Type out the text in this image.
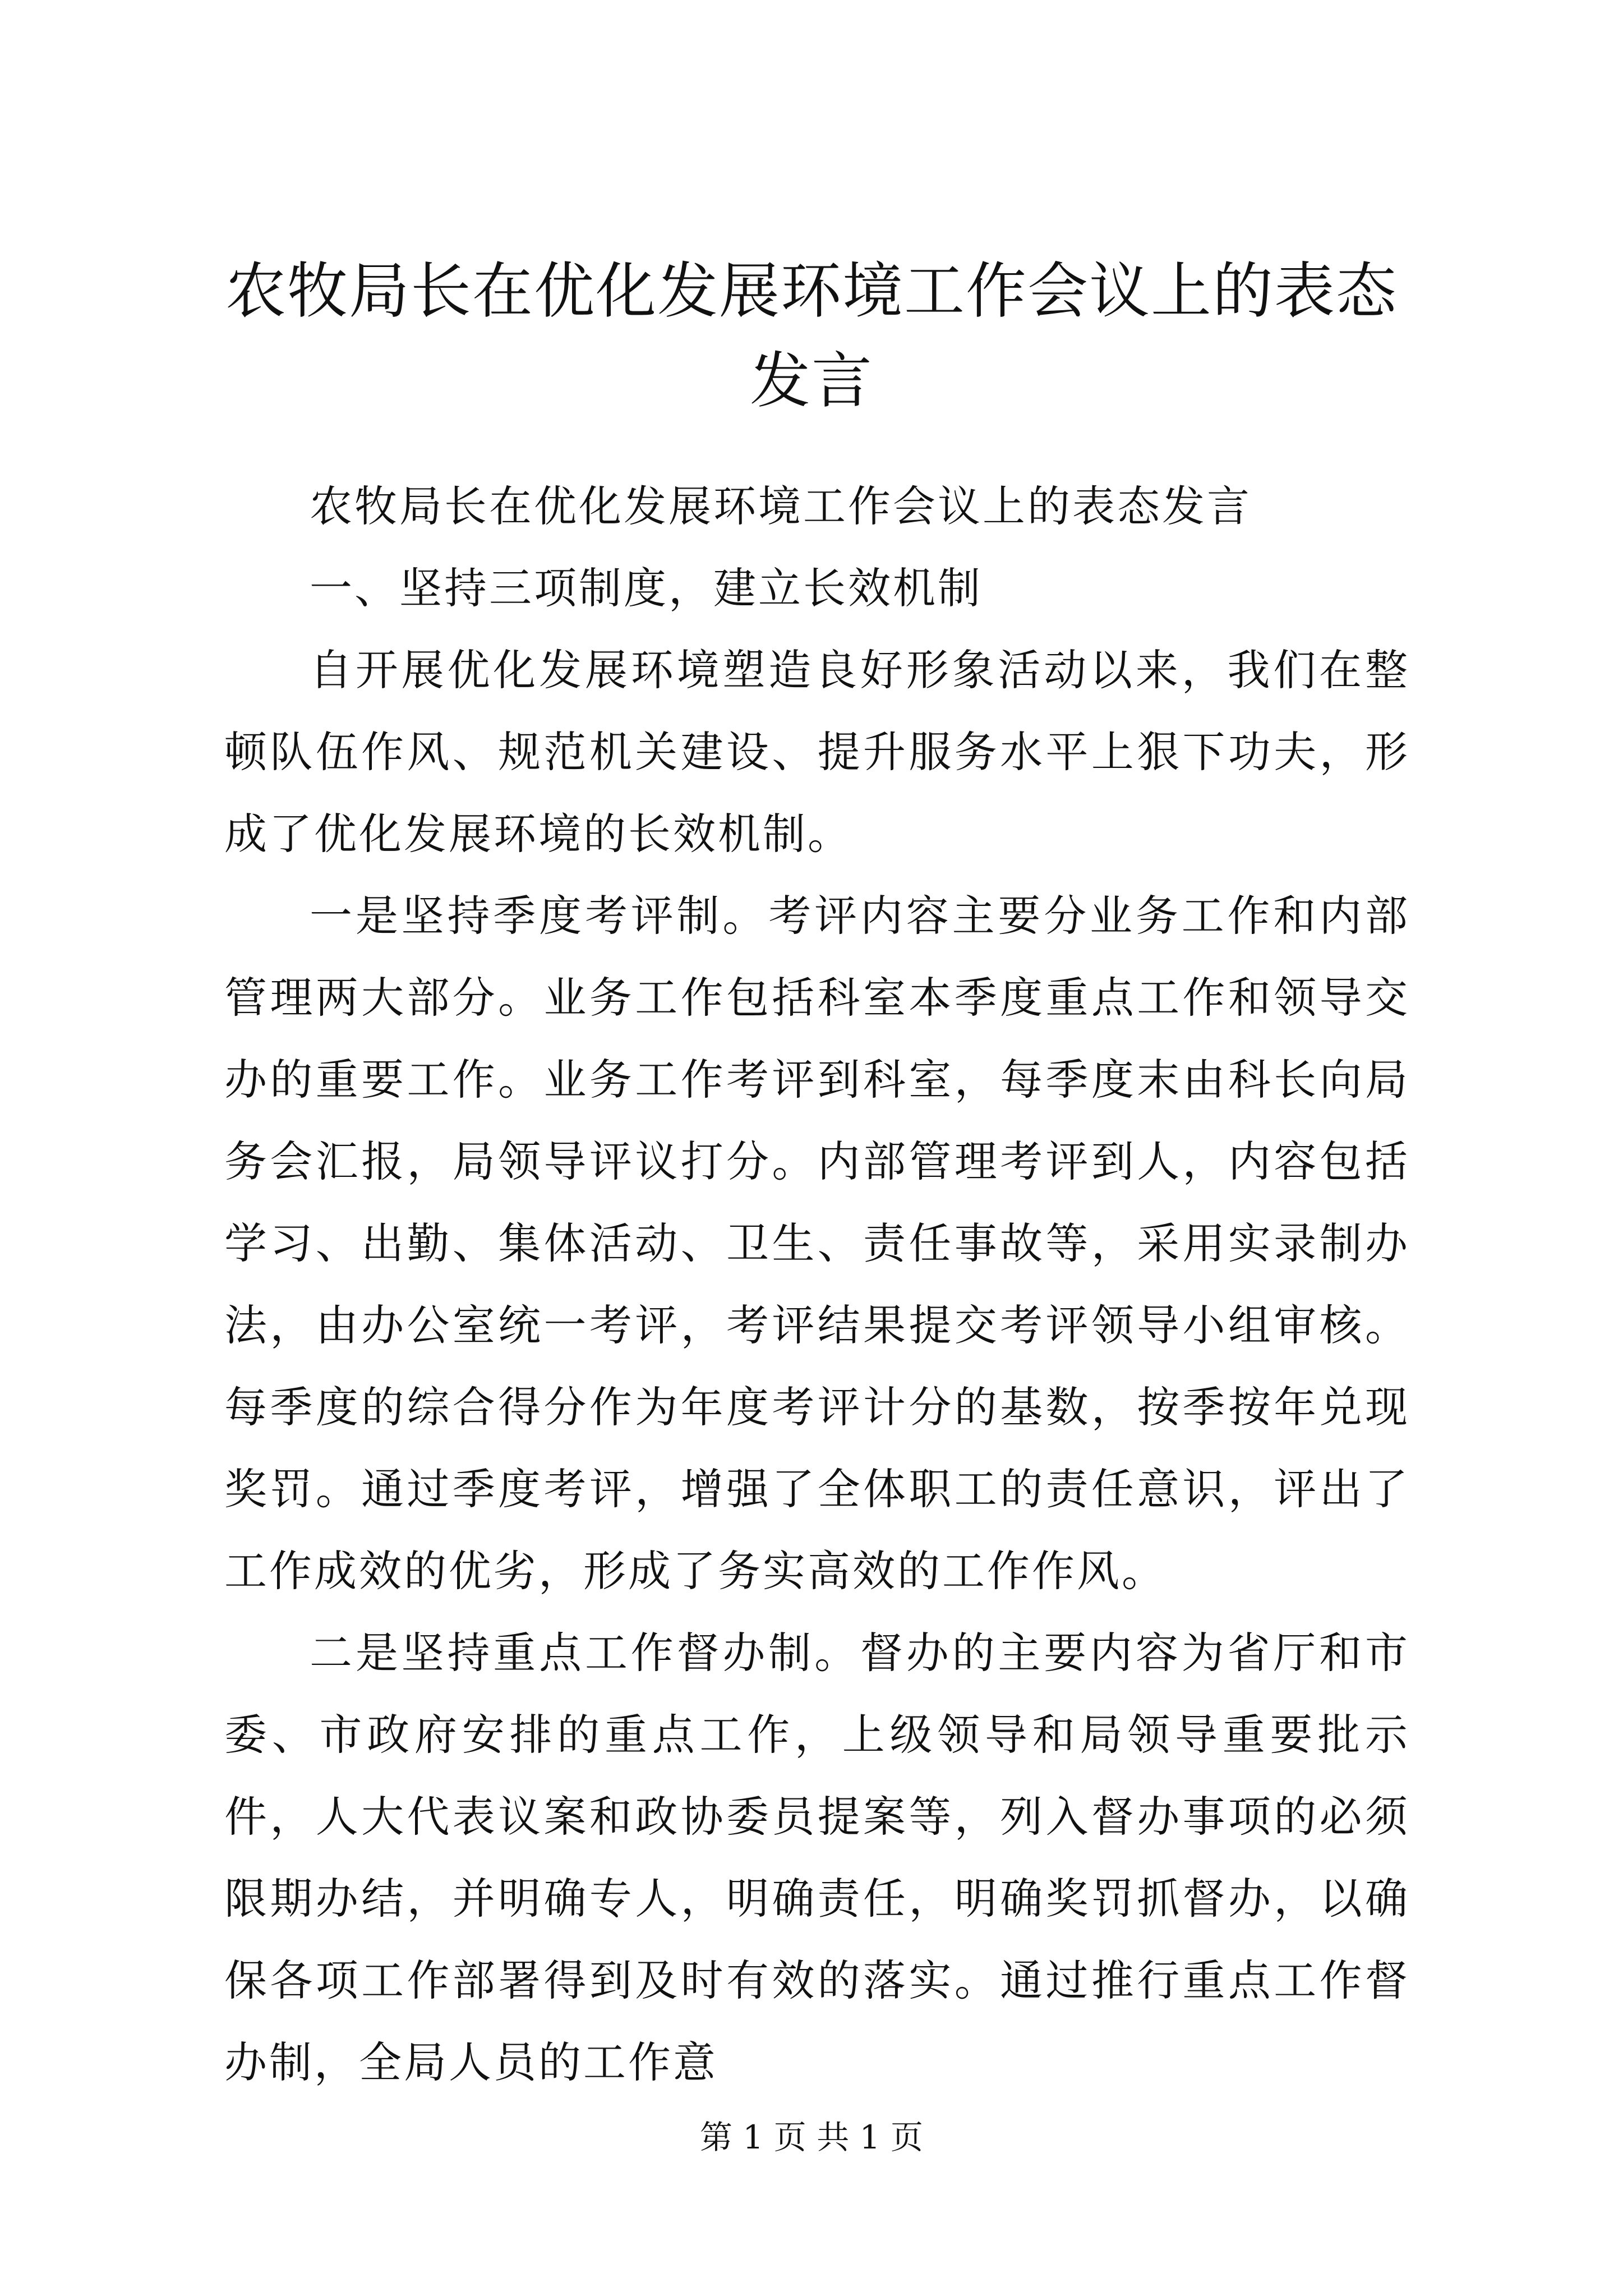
农牧局长在优化发展环境工作会议上的表态发言

农牧局长在优化发展环境工作会议上的表态发言

一、坚持三项制度，建立长效机制

自开展优化发展环境塑造良好形象活动以来，我们在整顿队伍作风、规范机关建设、提升服务水平上狠下功夫，形成了优化发展环境的长效机制。

一是坚持季度考评制。考评内容主要分业务工作和内部管理两大部分。业务工作包括科室本季度重点工作和领导交办的重要工作。业务工作考评到科室，每季度末由科长向局务会汇报，局领导评议打分。内部管理考评到人，内容包括学习、出勤、集体活动、卫生、责任事故等，采用实录制办法，由办公室统一考评，考评结果提交考评领导小组审核。每季度的综合得分作为年度考评计分的基数，按季按年兑现奖罚。通过季度考评，增强了全体职工的责任意识，评出了工作成效的优劣，形成了务实高效的工作作风。

二是坚持重点工作督办制。督办的主要内容为省厅和市委、市政府安排的重点工作，上级领导和局领导重要批示件，人大代表议案和政协委员提案等，列入督办事项的必须限期办结，并明确专人，明确责任，明确奖罚抓督办，以确保各项工作部署得到及时有效的落实。通过推行重点工作督办制，全局人员的工作意

第 1 页 共 1 页
